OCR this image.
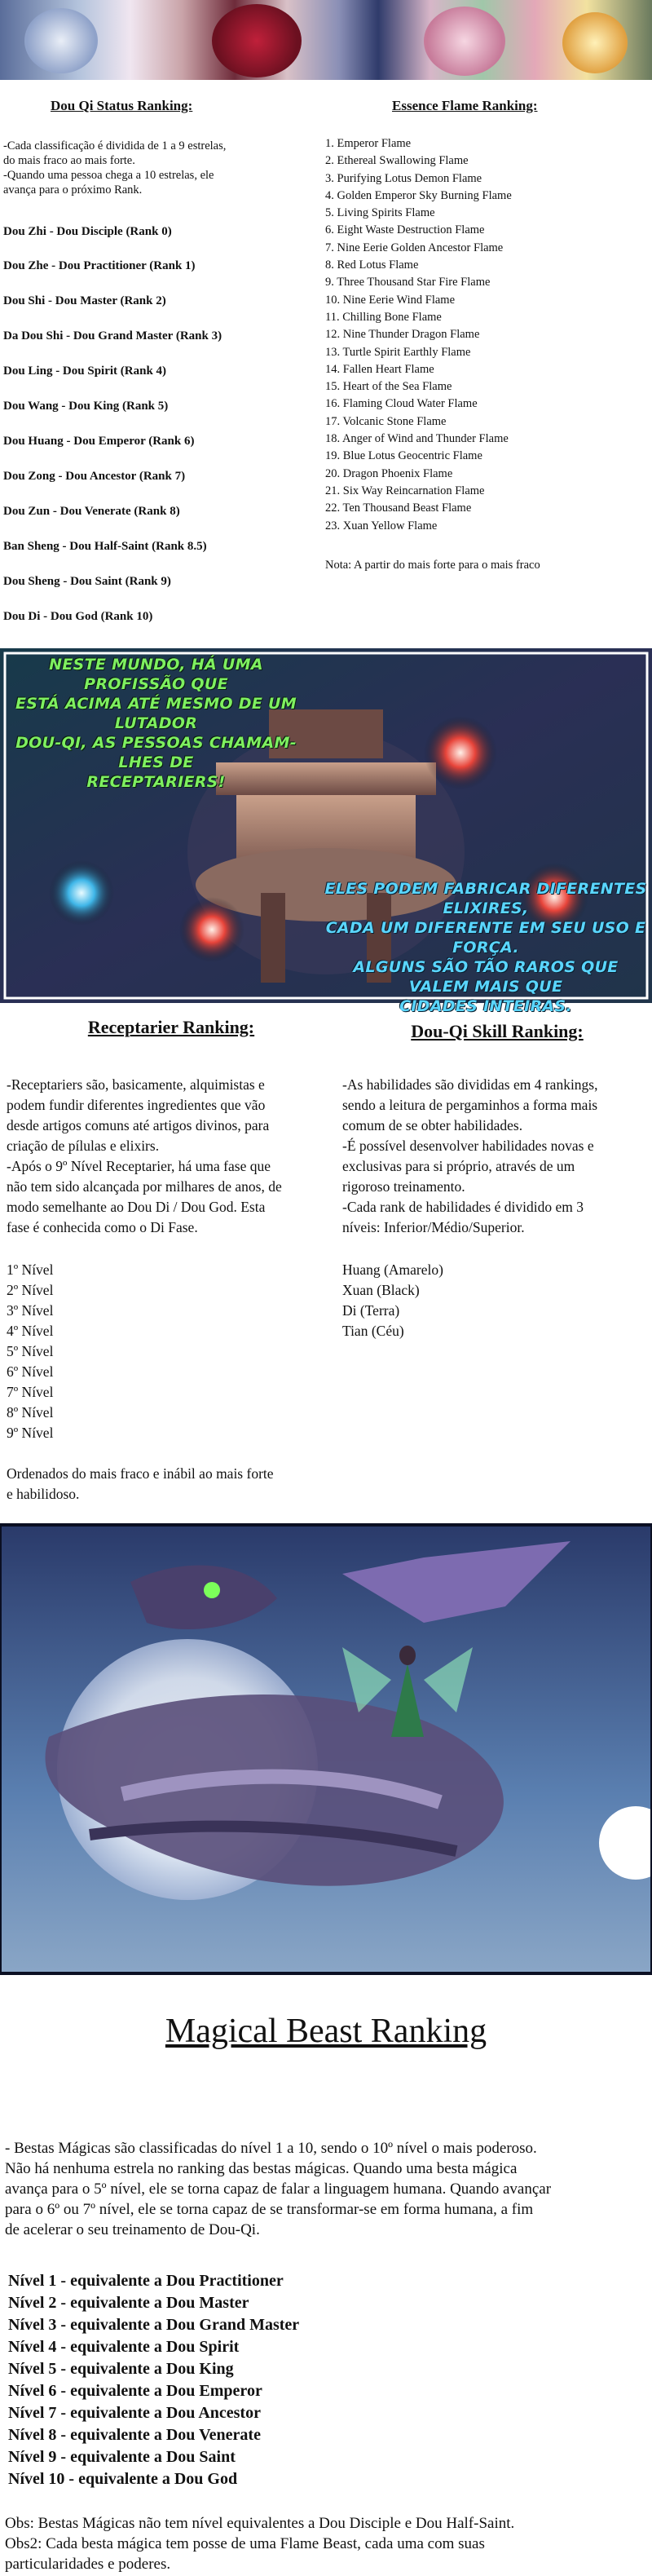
Dou Qi Status Ranking:
-Cada classificação é dividida de 1 a 9 estrelas,
do mais fraco ao mais forte.
-Quando uma pessoa chega a 10 estrelas, ele
avança para o próximo Rank.
Dou Zhi - Dou Disciple (Rank 0)
Dou Zhe - Dou Practitioner (Rank 1)
Dou Shi - Dou Master (Rank 2)
Da Dou Shi - Dou Grand Master (Rank 3)
Dou Ling - Dou Spirit (Rank 4)
Dou Wang - Dou King (Rank 5)
Dou Huang - Dou Emperor (Rank 6)
Dou Zong - Dou Ancestor (Rank 7)
Dou Zun - Dou Venerate (Rank 8)
Ban Sheng - Dou Half-Saint (Rank 8.5)
Dou Sheng - Dou Saint (Rank 9)
Dou Di - Dou God (Rank 10)
Essence Flame Ranking:
1. Emperor Flame
2. Ethereal Swallowing Flame
3. Purifying Lotus Demon Flame
4. Golden Emperor Sky Burning Flame
5. Living Spirits Flame
6. Eight Waste Destruction Flame
7. Nine Eerie Golden Ancestor Flame
8. Red Lotus Flame
9. Three Thousand Star Fire Flame
10. Nine Eerie Wind Flame
11. Chilling Bone Flame
12. Nine Thunder Dragon Flame
13. Turtle Spirit Earthly Flame
14. Fallen Heart Flame
15. Heart of the Sea Flame
16. Flaming Cloud Water Flame
17. Volcanic Stone Flame
18. Anger of Wind and Thunder Flame
19. Blue Lotus Geocentric Flame
20. Dragon Phoenix Flame
21. Six Way Reincarnation Flame
22. Ten Thousand Beast Flame
23. Xuan Yellow Flame
Nota: A partir do mais forte para o mais fraco
NESTE MUNDO, HÁ UMA PROFISSÃO QUE
ESTÁ ACIMA ATÉ MESMO DE UM LUTADOR
DOU-QI, AS PESSOAS CHAMAM-LHES DE
RECEPTARIERS!
ELES PODEM FABRICAR DIFERENTES ELIXIRES,
CADA UM DIFERENTE EM SEU USO E FORÇA.
ALGUNS SÃO TÃO RAROS QUE VALEM MAIS QUE
CIDADES INTEIRAS.
Receptarier Ranking:
-Receptariers são, basicamente, alquimistas e
podem fundir diferentes ingredientes que vão
desde artigos comuns até artigos divinos, para
criação de pílulas e elixirs.
-Após o 9º Nível Receptarier, há uma fase que
não tem sido alcançada por milhares de anos, de
modo semelhante ao Dou Di / Dou God. Esta
fase é conhecida como o Di Fase.
1º Nível
2º Nível
3º Nível
4º Nível
5º Nível
6º Nível
7º Nível
8º Nível
9º Nível
Ordenados do mais fraco e inábil ao mais forte
e habilidoso.
Dou-Qi Skill Ranking:
-As habilidades são divididas em 4 rankings,
sendo a leitura de pergaminhos a forma mais
comum de se obter habilidades.
-É possível desenvolver habilidades novas e
exclusivas para si próprio, através de um
rigoroso treinamento.
-Cada rank de habilidades é dividido em 3
níveis: Inferior/Médio/Superior.
Huang (Amarelo)
Xuan (Black)
Di (Terra)
Tian (Céu)
Magical Beast Ranking
- Bestas Mágicas são classificadas do nível 1 a 10, sendo o 10º nível o mais poderoso.
Não há nenhuma estrela no ranking das bestas mágicas. Quando uma besta mágica
avança para o 5º nível, ele se torna capaz de falar a linguagem humana. Quando avançar
para o 6º ou 7º nível, ele se torna capaz de se transformar-se em forma humana, a fim
de acelerar o seu treinamento de Dou-Qi.
Nível 1 - equivalente a Dou Practitioner
Nível 2 - equivalente a Dou Master
Nível 3 - equivalente a Dou Grand Master
Nível 4 - equivalente a Dou Spirit
Nível 5 - equivalente a Dou King
Nível 6 - equivalente a Dou Emperor
Nível 7 - equivalente a Dou Ancestor
Nível 8 - equivalente a Dou Venerate
Nível 9 - equivalente a Dou Saint
Nível 10 - equivalente a Dou God
Obs: Bestas Mágicas não tem nível equivalentes a Dou Disciple e Dou Half-Saint.
Obs2: Cada besta mágica tem posse de uma Flame Beast, cada uma com suas
particularidades e poderes.
